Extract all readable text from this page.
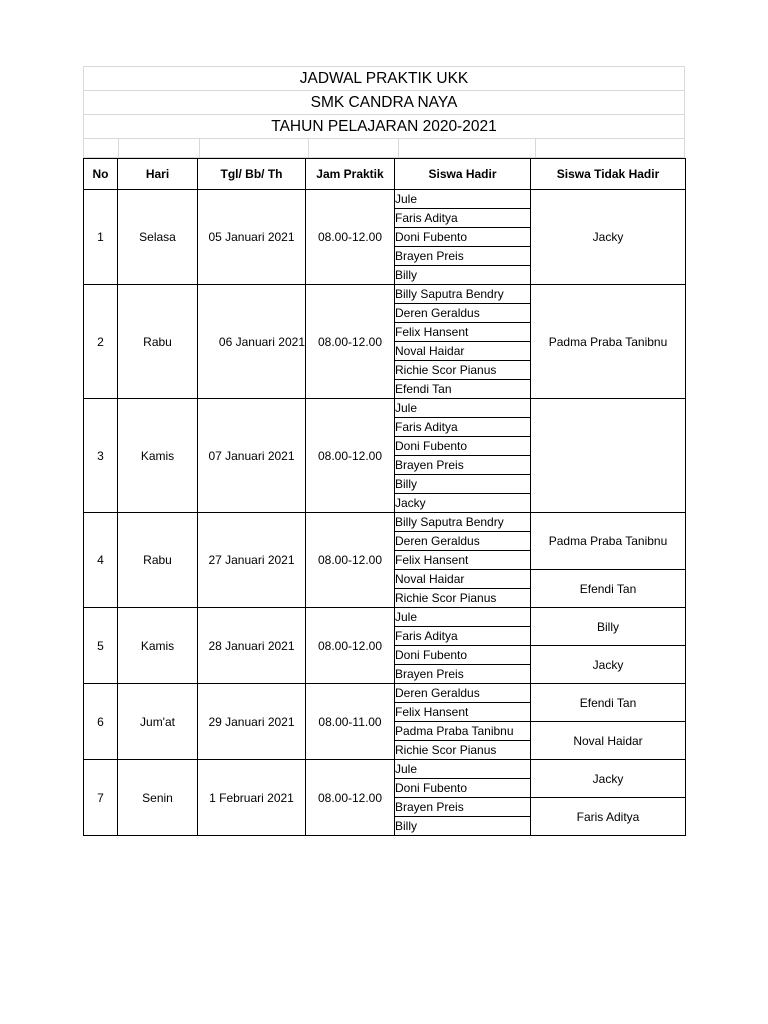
JADWAL PRAKTIK UKK
SMK CANDRA NAYA
TAHUN PELAJARAN 2020-2021
No	Hari	Tgl/ Bb/ Th	Jam Praktik	Siswa Hadir	Siswa Tidak Hadir
1	Selasa	05 Januari 2021	08.00-12.00	Jule	Jacky
				Faris Aditya	
				Doni Fubento	
				Brayen Preis	
				Billy	
2	Rabu	06 Januari 2021	08.00-12.00	Billy Saputra Bendry	Padma Praba Tanibnu
				Deren Geraldus	
				Felix Hansent	
				Noval Haidar	
				Richie Scor Pianus	
				Efendi Tan	
3	Kamis	07 Januari 2021	08.00-12.00	Jule	
				Faris Aditya	
				Doni Fubento	
				Brayen Preis	
				Billy	
				Jacky	
4	Rabu	27 Januari 2021	08.00-12.00	Billy Saputra Bendry	Padma Praba Tanibnu
				Deren Geraldus	
				Felix Hansent	
				Noval Haidar	Efendi Tan
				Richie Scor Pianus	
5	Kamis	28 Januari 2021	08.00-12.00	Jule	Billy
				Faris Aditya	
				Doni Fubento	Jacky
				Brayen Preis	
6	Jum'at	29 Januari 2021	08.00-11.00	Deren Geraldus	Efendi Tan
				Felix Hansent	
				Padma Praba Tanibnu	Noval Haidar
				Richie Scor Pianus	
7	Senin	1 Februari 2021	08.00-12.00	Jule	Jacky
				Doni Fubento	
				Brayen Preis	Faris Aditya
				Billy	
